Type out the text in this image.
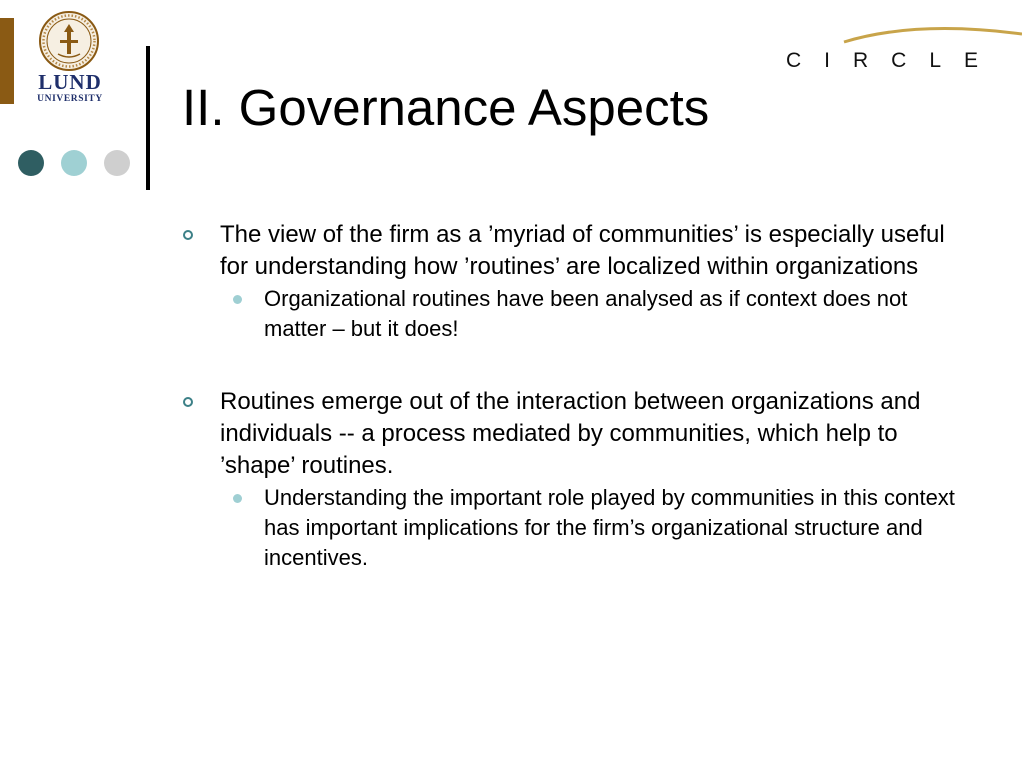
LUND
UNIVERSITY II. Governance Aspects
CIRCLE
The view of the firm as a ’myriad of communities’ is especially useful for understanding how ’routines’ are localized within organizations
Organizational routines have been analysed as if context does not matter – but it does!
Routines emerge out of the interaction between organizations and individuals -- a process mediated by communities, which help to ’shape’ routines.
Understanding the important role played by communities in this context has important implications for the firm’s organizational structure and incentives.
